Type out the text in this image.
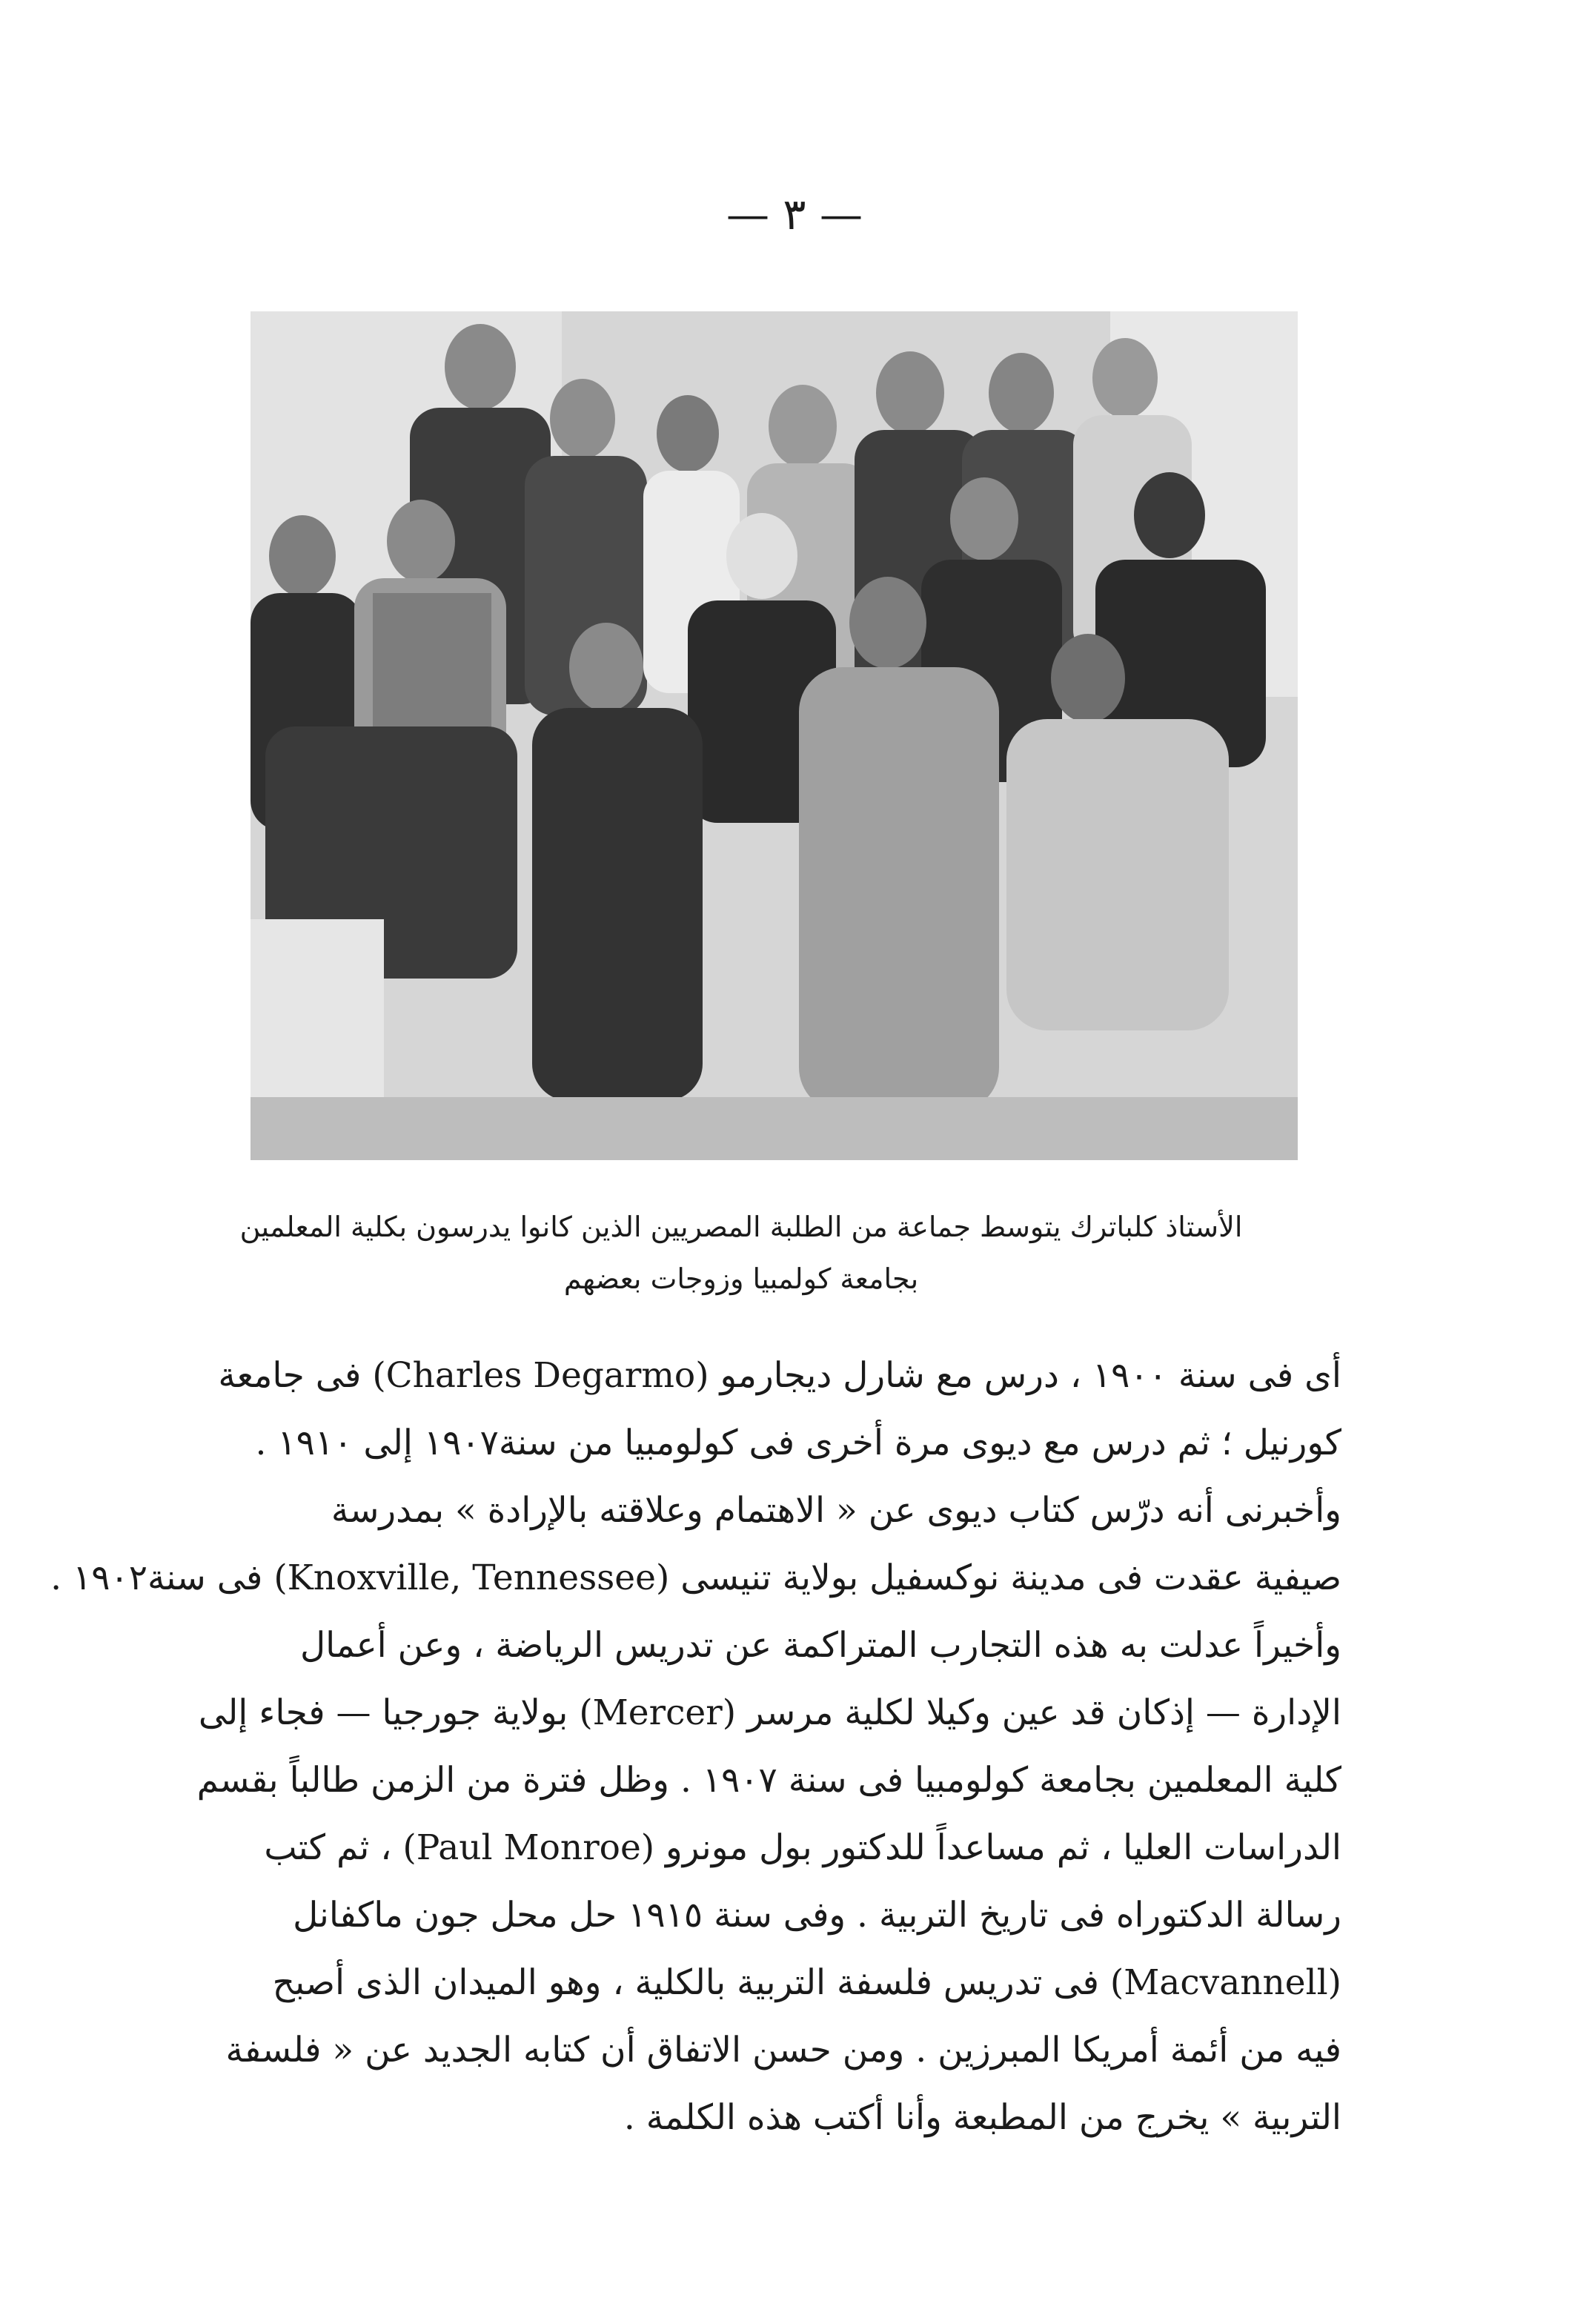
— ٣ —
الأستاذ كلباترك يتوسط جماعة من الطلبة المصريين الذين كانوا يدرسون بكلية المعلمين
بجامعة كولمبيا وزوجات بعضهم
أى فى سنة ١٩٠٠ ، درس مع شارل ديجارمو (Charles Degarmo) فى جامعة
كورنيل ؛ ثم درس مع ديوى مرة أخرى فى كولومبيا من سنة١٩٠٧ إلى ١٩١٠ .
وأخبرنى أنه درّس كتاب ديوى عن « الاهتمام وعلاقته بالإرادة » بمدرسة
صيفية عقدت فى مدينة نوكسفيل بولاية تنيسى (Knoxville, Tennessee) فى سنة١٩٠٢ .
وأخيراً عدلت به هذه التجارب المتراكمة عن تدريس الرياضة ، وعن أعمال
الإدارة — إذكان قد عين وكيلا لكلية مرسر (Mercer) بولاية جورجيا — فجاء إلى
كلية المعلمين بجامعة كولومبيا فى سنة ١٩٠٧ . وظل فترة من الزمن طالباً بقسم
الدراسات العليا ، ثم مساعداً للدكتور بول مونرو (Paul Monroe) ، ثم كتب
رسالة الدكتوراه فى تاريخ التربية . وفى سنة ١٩١٥ حل محل جون ماكفانل
(Macvannell) فى تدريس فلسفة التربية بالكلية ، وهو الميدان الذى أصبح
فيه من أئمة أمريكا المبرزين . ومن حسن الاتفاق أن كتابه الجديد عن « فلسفة
التربية » يخرج من المطبعة وأنا أكتب هذه الكلمة .
